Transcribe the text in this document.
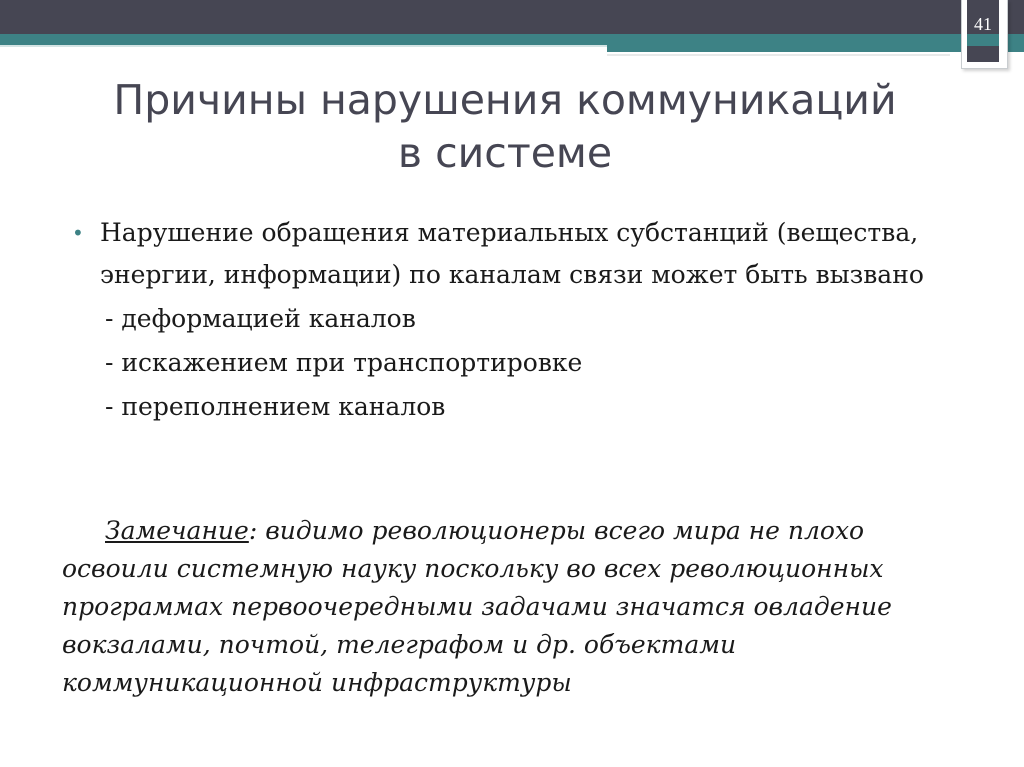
41
Причины нарушения коммуникаций
в системе
• Нарушение обращения материальных субстанций (вещества, энергии, информации) по каналам связи может быть вызвано
- деформацией каналов
- искажением при транспортировке
- переполнением каналов
Замечание: видимо революционеры всего мира не плохо освоили системную науку поскольку во всех революционных программах первоочередными задачами значатся овладение вокзалами, почтой, телеграфом и др. объектами коммуникационной инфраструктуры
